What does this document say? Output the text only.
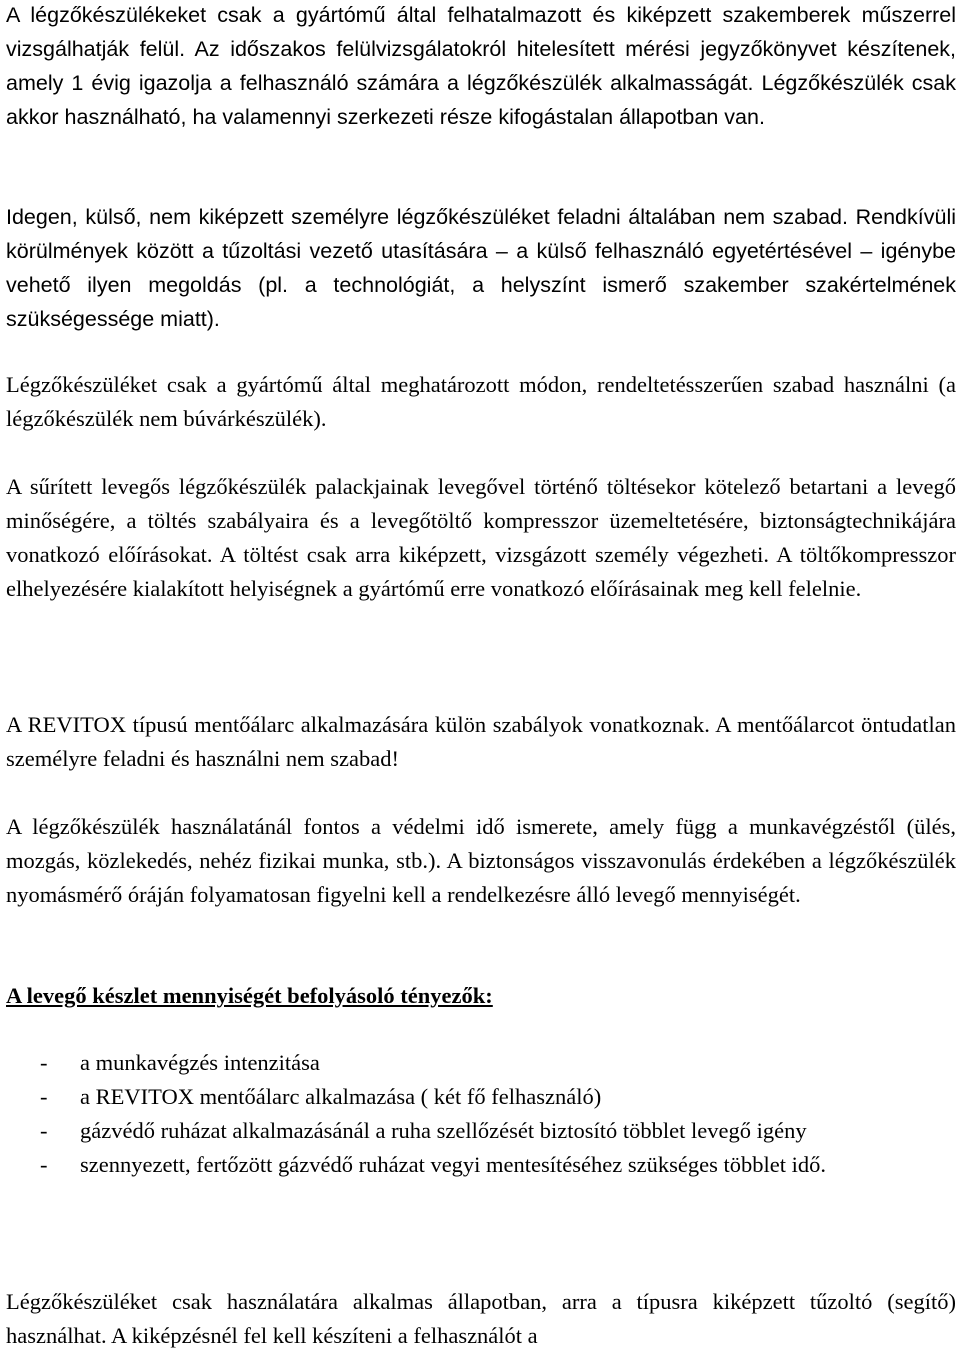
A légzőkészülékeket csak a gyártómű által felhatalmazott és kiképzett szakemberek műszerrel vizsgálhatják felül. Az időszakos felülvizsgálatokról hitelesített mérési jegyzőkönyvet készítenek, amely 1 évig igazolja a felhasználó számára a légzőkészülék alkalmasságát. Légzőkészülék csak akkor használható, ha valamennyi szerkezeti része kifogástalan állapotban van.

Idegen, külső, nem kiképzett személyre légzőkészüléket feladni általában nem szabad. Rendkívüli körülmények között a tűzoltási vezető utasítására – a külső felhasználó egyetértésével – igénybe vehető ilyen megoldás (pl. a technológiát, a helyszínt ismerő szakember szakértelmének szükségessége miatt).

Légzőkészüléket csak a gyártómű által meghatározott módon, rendeltetésszerűen szabad használni (a légzőkészülék nem búvárkészülék).

A sűrített levegős légzőkészülék palackjainak levegővel történő töltésekor kötelező betartani a levegő minőségére, a töltés szabályaira és a levegőtöltő kompresszor üzemeltetésére, biztonságtechnikájára vonatkozó előírásokat. A töltést csak arra kiképzett, vizsgázott személy végezheti. A töltőkompresszor elhelyezésére kialakított helyiségnek a gyártómű erre vonatkozó előírásainak meg kell felelnie.

A REVITOX típusú mentőálarc alkalmazására külön szabályok vonatkoznak. A mentőálarcot öntudatlan személyre feladni és használni nem szabad!

A légzőkészülék használatánál fontos a védelmi idő ismerete, amely függ a munkavégzéstől (ülés, mozgás, közlekedés, nehéz fizikai munka, stb.). A biztonságos visszavonulás érdekében a légzőkészülék nyomásmérő óráján folyamatosan figyelni kell a rendelkezésre álló levegő mennyiségét.

A levegő készlet mennyiségét befolyásoló tényezők:
- a munkavégzés intenzitása
- a REVITOX mentőálarc alkalmazása ( két fő felhasználó)
- gázvédő ruházat alkalmazásánál a ruha szellőzését biztosító többlet levegő igény
- szennyezett, fertőzött gázvédő ruházat vegyi mentesítéséhez szükséges többlet idő.

Légzőkészüléket csak használatára alkalmas állapotban, arra a típusra kiképzett tűzoltó (segítő) használhat. A kiképzésnél fel kell készíteni a felhasználót a
